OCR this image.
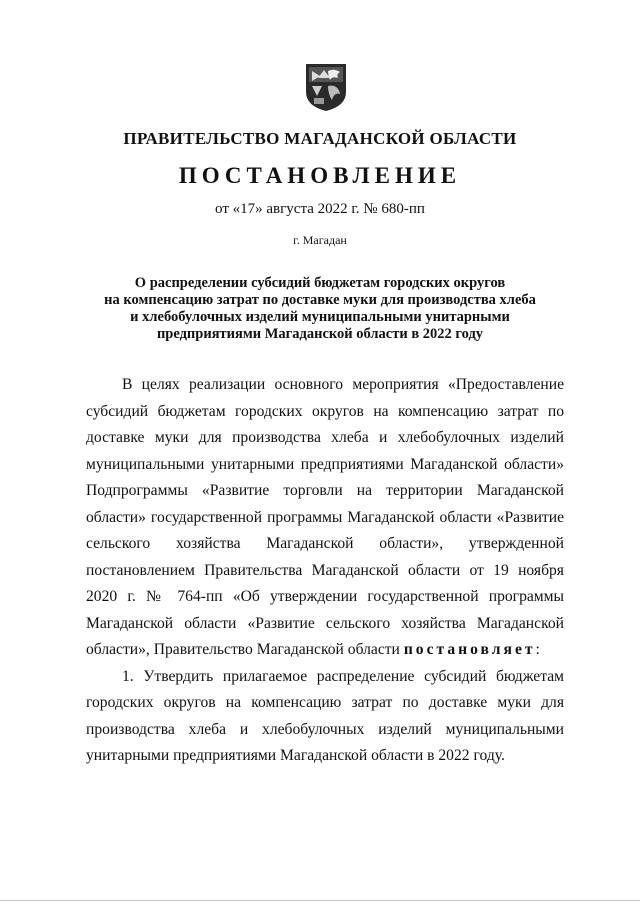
ПРАВИТЕЛЬСТВО МАГАДАНСКОЙ ОБЛАСТИ
ПОСТАНОВЛЕНИЕ
от «17» августа 2022 г. № 680-пп
г. Магадан
О распределении субсидий бюджетам городских округов
на компенсацию затрат по доставке муки для производства хлеба
и хлебобулочных изделий муниципальными унитарными
предприятиями Магаданской области в 2022 году

В целях реализации основного мероприятия «Предоставление субсидий бюджетам городских округов на компенсацию затрат по доставке муки для производства хлеба и хлебобулочных изделий муниципальными унитарными предприятиями Магаданской области» Подпрограммы «Развитие торговли на территории Магаданской области» государственной программы Магаданской области «Развитие сельского хозяйства Магаданской области», утвержденной постановлением Правительства Магаданской области от 19 ноября 2020 г. № 764-пп «Об утверждении государственной программы Магаданской области «Развитие сельского хозяйства Магаданской области», Правительство Магаданской области постановляет:

1. Утвердить прилагаемое распределение субсидий бюджетам городских округов на компенсацию затрат по доставке муки для производства хлеба и хлебобулочных изделий муниципальными унитарными предприятиями Магаданской области в 2022 году.
